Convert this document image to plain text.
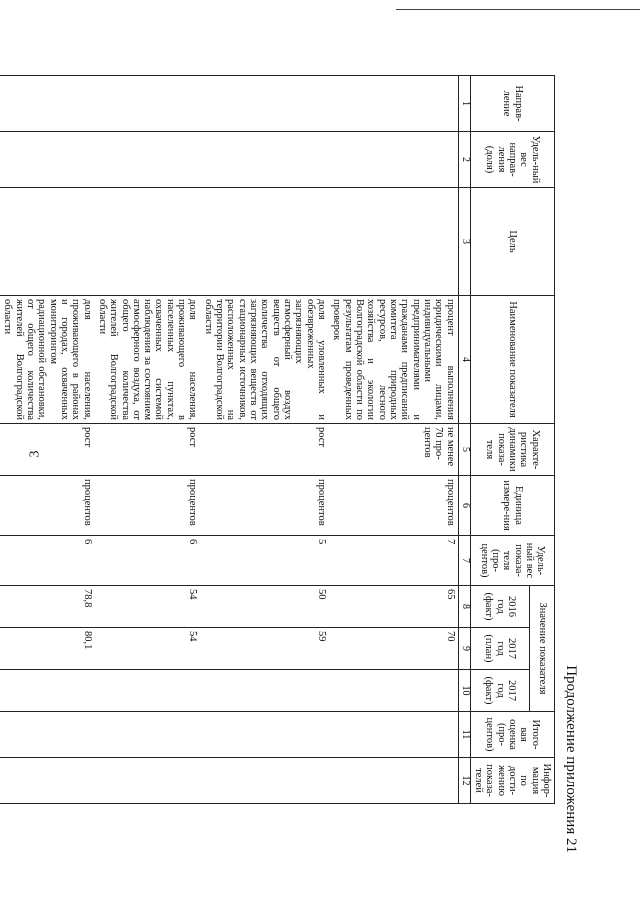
3
Продолжение приложения 21
Направ-ление	Удель-ный вес направ-ления (доля)	Цель	Наименование показателя	Характе-ристика динамики показа-теля	Единица измере-ния	Удель-ный вес показа-теля (про-центов)	Значение показателя			Итого-вая оценка (про-центов)	Инфор-мация по дости-жению показа-телей
							2016 год (факт)	2017 год (план)	2017 год (факт)		
1	2	3	4	5	6	7	8	9	10	11	12
			процент выполнения юридическими лицами, индивидуальными предпринимателями и гражданами предписаний комитета природных ресурсов, лесного хозяйства и экологии Волгоградской области по результатам проведенных проверок	не менее 70 про-центов	процентов	7	65	70			
			доля уловленных и обезвреженных загрязняющих атмосферный воздух веществ от общего количества отходящих загрязняющих веществ от стационарных источников, расположенных на территории Волгоградской области	рост	процентов	5	50	59			
			доля населения, проживающего в населенных пунктах, охваченных системой наблюдения за состоянием атмосферного воздуха, от общего количества жителей Волгоградской области	рост	процентов	6	54	54			
			доля населения, проживающего в районах и городах, охваченных мониторингом радиационной обстановки, от общего количества жителей Волгоградской области	рост	процентов	6	78,8	80,1			
